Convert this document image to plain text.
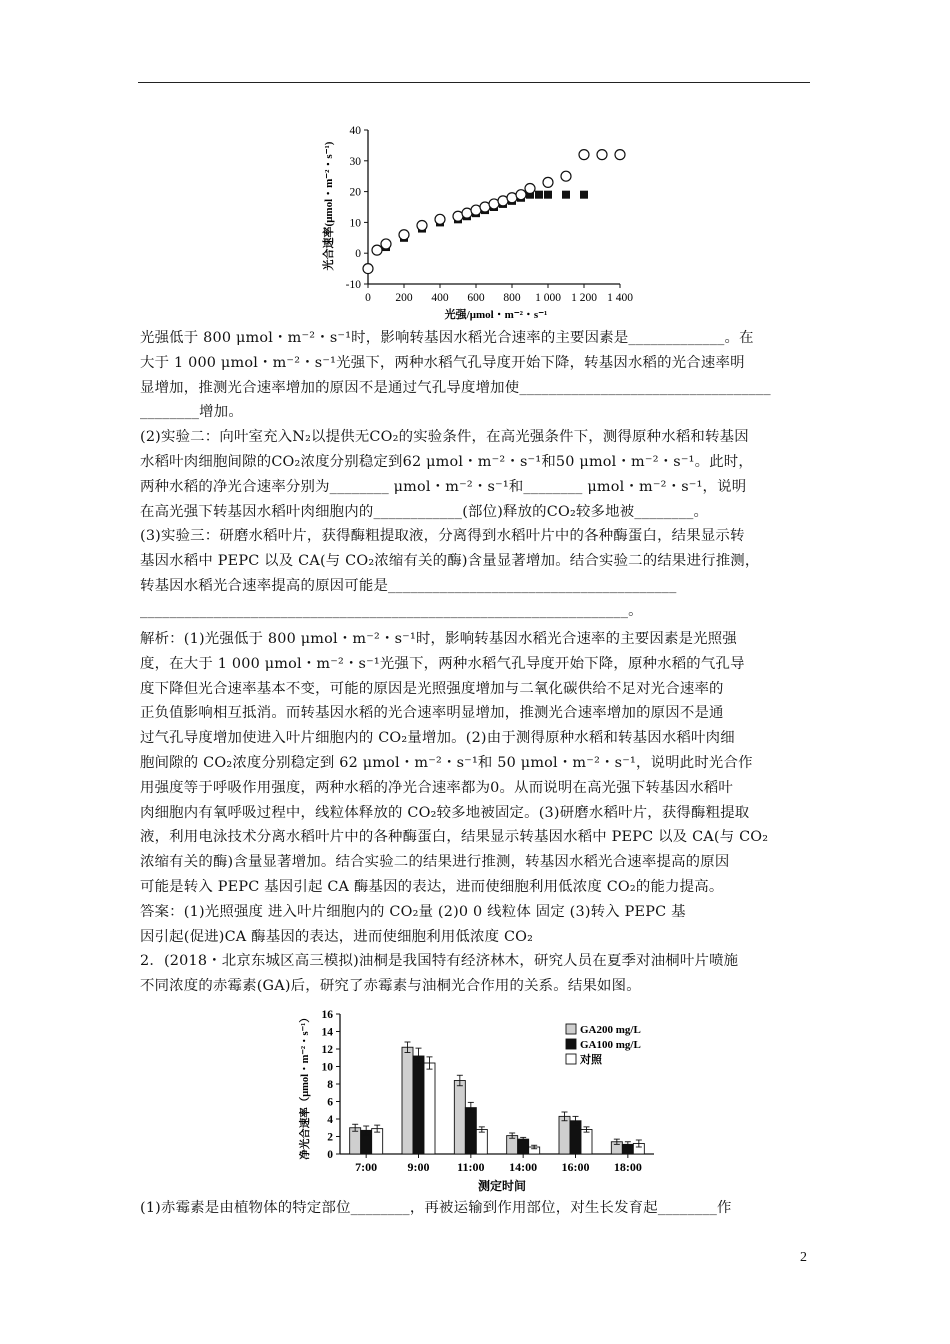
-10
0
10
20
30
40
0 200 400 600 800 1 000 1 200 1 400
光合速率(μmol・m⁻²・s⁻¹)
光强/μmol・m⁻²・s⁻¹

光强低于 800 μmol・m⁻²・s⁻¹时，影响转基因水稻光合速率的主要因素是_____________。在

大于 1 000 μmol・m⁻²・s⁻¹光强下，两种水稻气孔导度开始下降，转基因水稻的光合速率明

显增加，推测光合速率增加的原因不是通过气孔导度增加使__________________________________

________增加。

(2)实验二：向叶室充入N₂以提供无CO₂的实验条件，在高光强条件下，测得原种水稻和转基因

水稻叶肉细胞间隙的CO₂浓度分别稳定到62 μmol・m⁻²・s⁻¹和50 μmol・m⁻²・s⁻¹。此时，

两种水稻的净光合速率分别为________ μmol・m⁻²・s⁻¹和________ μmol・m⁻²・s⁻¹，说明

在高光强下转基因水稻叶肉细胞内的____________(部位)释放的CO₂较多地被________。

(3)实验三：研磨水稻叶片，获得酶粗提取液，分离得到水稻叶片中的各种酶蛋白，结果显示转

基因水稻中 PEPC 以及 CA(与 CO₂浓缩有关的酶)含量显著增加。结合实验二的结果进行推测，

转基因水稻光合速率提高的原因可能是_______________________________________

__________________________________________________________________。

解析：(1)光强低于 800 μmol・m⁻²・s⁻¹时，影响转基因水稻光合速率的主要因素是光照强

度，在大于 1 000 μmol・m⁻²・s⁻¹光强下，两种水稻气孔导度开始下降，原种水稻的气孔导

度下降但光合速率基本不变，可能的原因是光照强度增加与二氧化碳供给不足对光合速率的

正负值影响相互抵消。而转基因水稻的光合速率明显增加，推测光合速率增加的原因不是通

过气孔导度增加使进入叶片细胞内的 CO₂量增加。(2)由于测得原种水稻和转基因水稻叶肉细

胞间隙的 CO₂浓度分别稳定到 62 μmol・m⁻²・s⁻¹和 50 μmol・m⁻²・s⁻¹，说明此时光合作

用强度等于呼吸作用强度，两种水稻的净光合速率都为0。从而说明在高光强下转基因水稻叶

肉细胞内有氧呼吸过程中，线粒体释放的 CO₂较多地被固定。(3)研磨水稻叶片，获得酶粗提取

液，利用电泳技术分离水稻叶片中的各种酶蛋白，结果显示转基因水稻中 PEPC 以及 CA(与 CO₂

浓缩有关的酶)含量显著增加。结合实验二的结果进行推测，转基因水稻光合速率提高的原因

可能是转入 PEPC 基因引起 CA 酶基因的表达，进而使细胞利用低浓度 CO₂的能力提高。

答案：(1)光照强度 进入叶片细胞内的 CO₂量 (2)0 0 线粒体 固定 (3)转入 PEPC 基

因引起(促进)CA 酶基因的表达，进而使细胞利用低浓度 CO₂

2．(2018・北京东城区高三模拟)油桐是我国特有经济林木，研究人员在夏季对油桐叶片喷施

不同浓度的赤霉素(GA)后，研究了赤霉素与油桐光合作用的关系。结果如图。

0
2
4
6
8
10
12
14
16
7:00	9:00 11:00 14:00 16:00 18:00
GA200 mg/L
GA100 mg/L
对照
净光合速率（μmol・m⁻²・s⁻¹）
测定时间

(1)赤霉素是由植物体的特定部位________，再被运输到作用部位，对生长发育起________作

2
